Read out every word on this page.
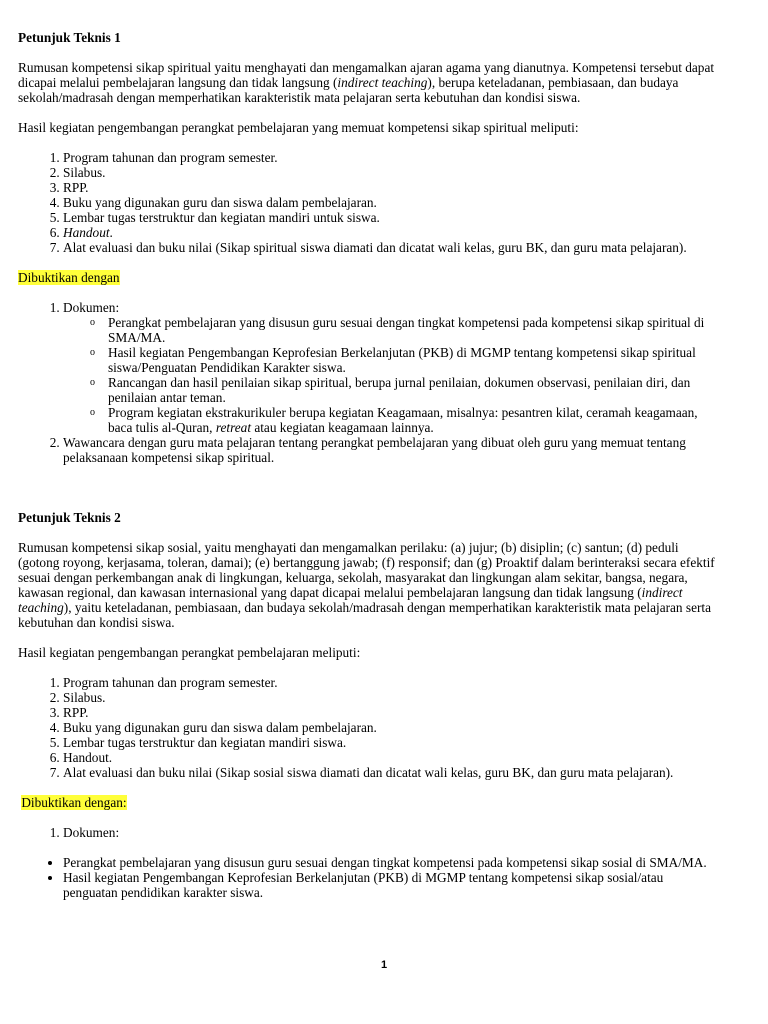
Petunjuk Teknis 1

Rumusan kompetensi sikap spiritual yaitu menghayati dan mengamalkan ajaran agama yang dianutnya. Kompetensi tersebut dapat dicapai melalui pembelajaran langsung dan tidak langsung (indirect teaching), berupa keteladanan, pembiasaan, dan budaya sekolah/madrasah dengan memperhatikan karakteristik mata pelajaran serta kebutuhan dan kondisi siswa.

Hasil kegiatan pengembangan perangkat pembelajaran yang memuat kompetensi sikap spiritual meliputi:

1. Program tahunan dan program semester.
2. Silabus.
3. RPP.
4. Buku yang digunakan guru dan siswa dalam pembelajaran.
5. Lembar tugas terstruktur dan kegiatan mandiri untuk siswa.
6. Handout.
7. Alat evaluasi dan buku nilai (Sikap spiritual siswa diamati dan dicatat wali kelas, guru BK, dan guru mata pelajaran).

Dibuktikan dengan

1. Dokumen:
o Perangkat pembelajaran yang disusun guru sesuai dengan tingkat kompetensi pada kompetensi sikap spiritual di SMA/MA.
o Hasil kegiatan Pengembangan Keprofesian Berkelanjutan (PKB) di MGMP tentang kompetensi sikap spiritual siswa/Penguatan Pendidikan Karakter siswa.
o Rancangan dan hasil penilaian sikap spiritual, berupa jurnal penilaian, dokumen observasi, penilaian diri, dan penilaian antar teman.
o Program kegiatan ekstrakurikuler berupa kegiatan Keagamaan, misalnya: pesantren kilat, ceramah keagamaan, baca tulis al-Quran, retreat atau kegiatan keagamaan lainnya.
2. Wawancara dengan guru mata pelajaran tentang perangkat pembelajaran yang dibuat oleh guru yang memuat tentang pelaksanaan kompetensi sikap spiritual.
Petunjuk Teknis 2

Rumusan kompetensi sikap sosial, yaitu menghayati dan mengamalkan perilaku: (a) jujur; (b) disiplin; (c) santun; (d) peduli (gotong royong, kerjasama, toleran, damai); (e) bertanggung jawab; (f) responsif; dan (g) Proaktif dalam berinteraksi secara efektif sesuai dengan perkembangan anak di lingkungan, keluarga, sekolah, masyarakat dan lingkungan alam sekitar, bangsa, negara, kawasan regional, dan kawasan internasional yang dapat dicapai melalui pembelajaran langsung dan tidak langsung (indirect teaching), yaitu keteladanan, pembiasaan, dan budaya sekolah/madrasah dengan memperhatikan karakteristik mata pelajaran serta kebutuhan dan kondisi siswa.

Hasil kegiatan pengembangan perangkat pembelajaran meliputi:

1. Program tahunan dan program semester.
2. Silabus.
3. RPP.
4. Buku yang digunakan guru dan siswa dalam pembelajaran.
5. Lembar tugas terstruktur dan kegiatan mandiri siswa.
6. Handout.
7. Alat evaluasi dan buku nilai (Sikap sosial siswa diamati dan dicatat wali kelas, guru BK, dan guru mata pelajaran).

Dibuktikan dengan:

1. Dokumen:
• Perangkat pembelajaran yang disusun guru sesuai dengan tingkat kompetensi pada kompetensi sikap sosial di SMA/MA.
• Hasil kegiatan Pengembangan Keprofesian Berkelanjutan (PKB) di MGMP tentang kompetensi sikap sosial/atau penguatan pendidikan karakter siswa.
1
